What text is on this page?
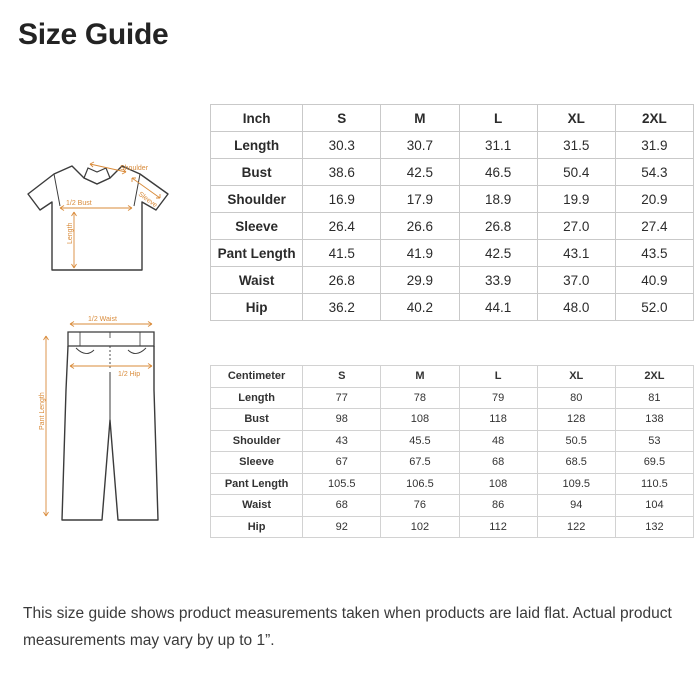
Size Guide
Shoulder
1/2 Bust
Length
Sleeve
1/2 Waist
1/2 Hip
Pant Length
Inch	S	M	L	XL	2XL
Length	30.3	30.7	31.1	31.5	31.9
Bust	38.6	42.5	46.5	50.4	54.3
Shoulder	16.9	17.9	18.9	19.9	20.9
Sleeve	26.4	26.6	26.8	27.0	27.4
Pant Length	41.5	41.9	42.5	43.1	43.5
Waist	26.8	29.9	33.9	37.0	40.9
Hip	36.2	40.2	44.1	48.0	52.0
Centimeter	S	M	L	XL	2XL
Length	77	78	79	80	81
Bust	98	108	118	128	138
Shoulder	43	45.5	48	50.5	53
Sleeve	67	67.5	68	68.5	69.5
Pant Length	105.5	106.5	108	109.5	110.5
Waist	68	76	86	94	104
Hip	92	102	112	122	132
This size guide shows product measurements taken when products are laid flat. Actual product measurements may vary by up to 1”.
